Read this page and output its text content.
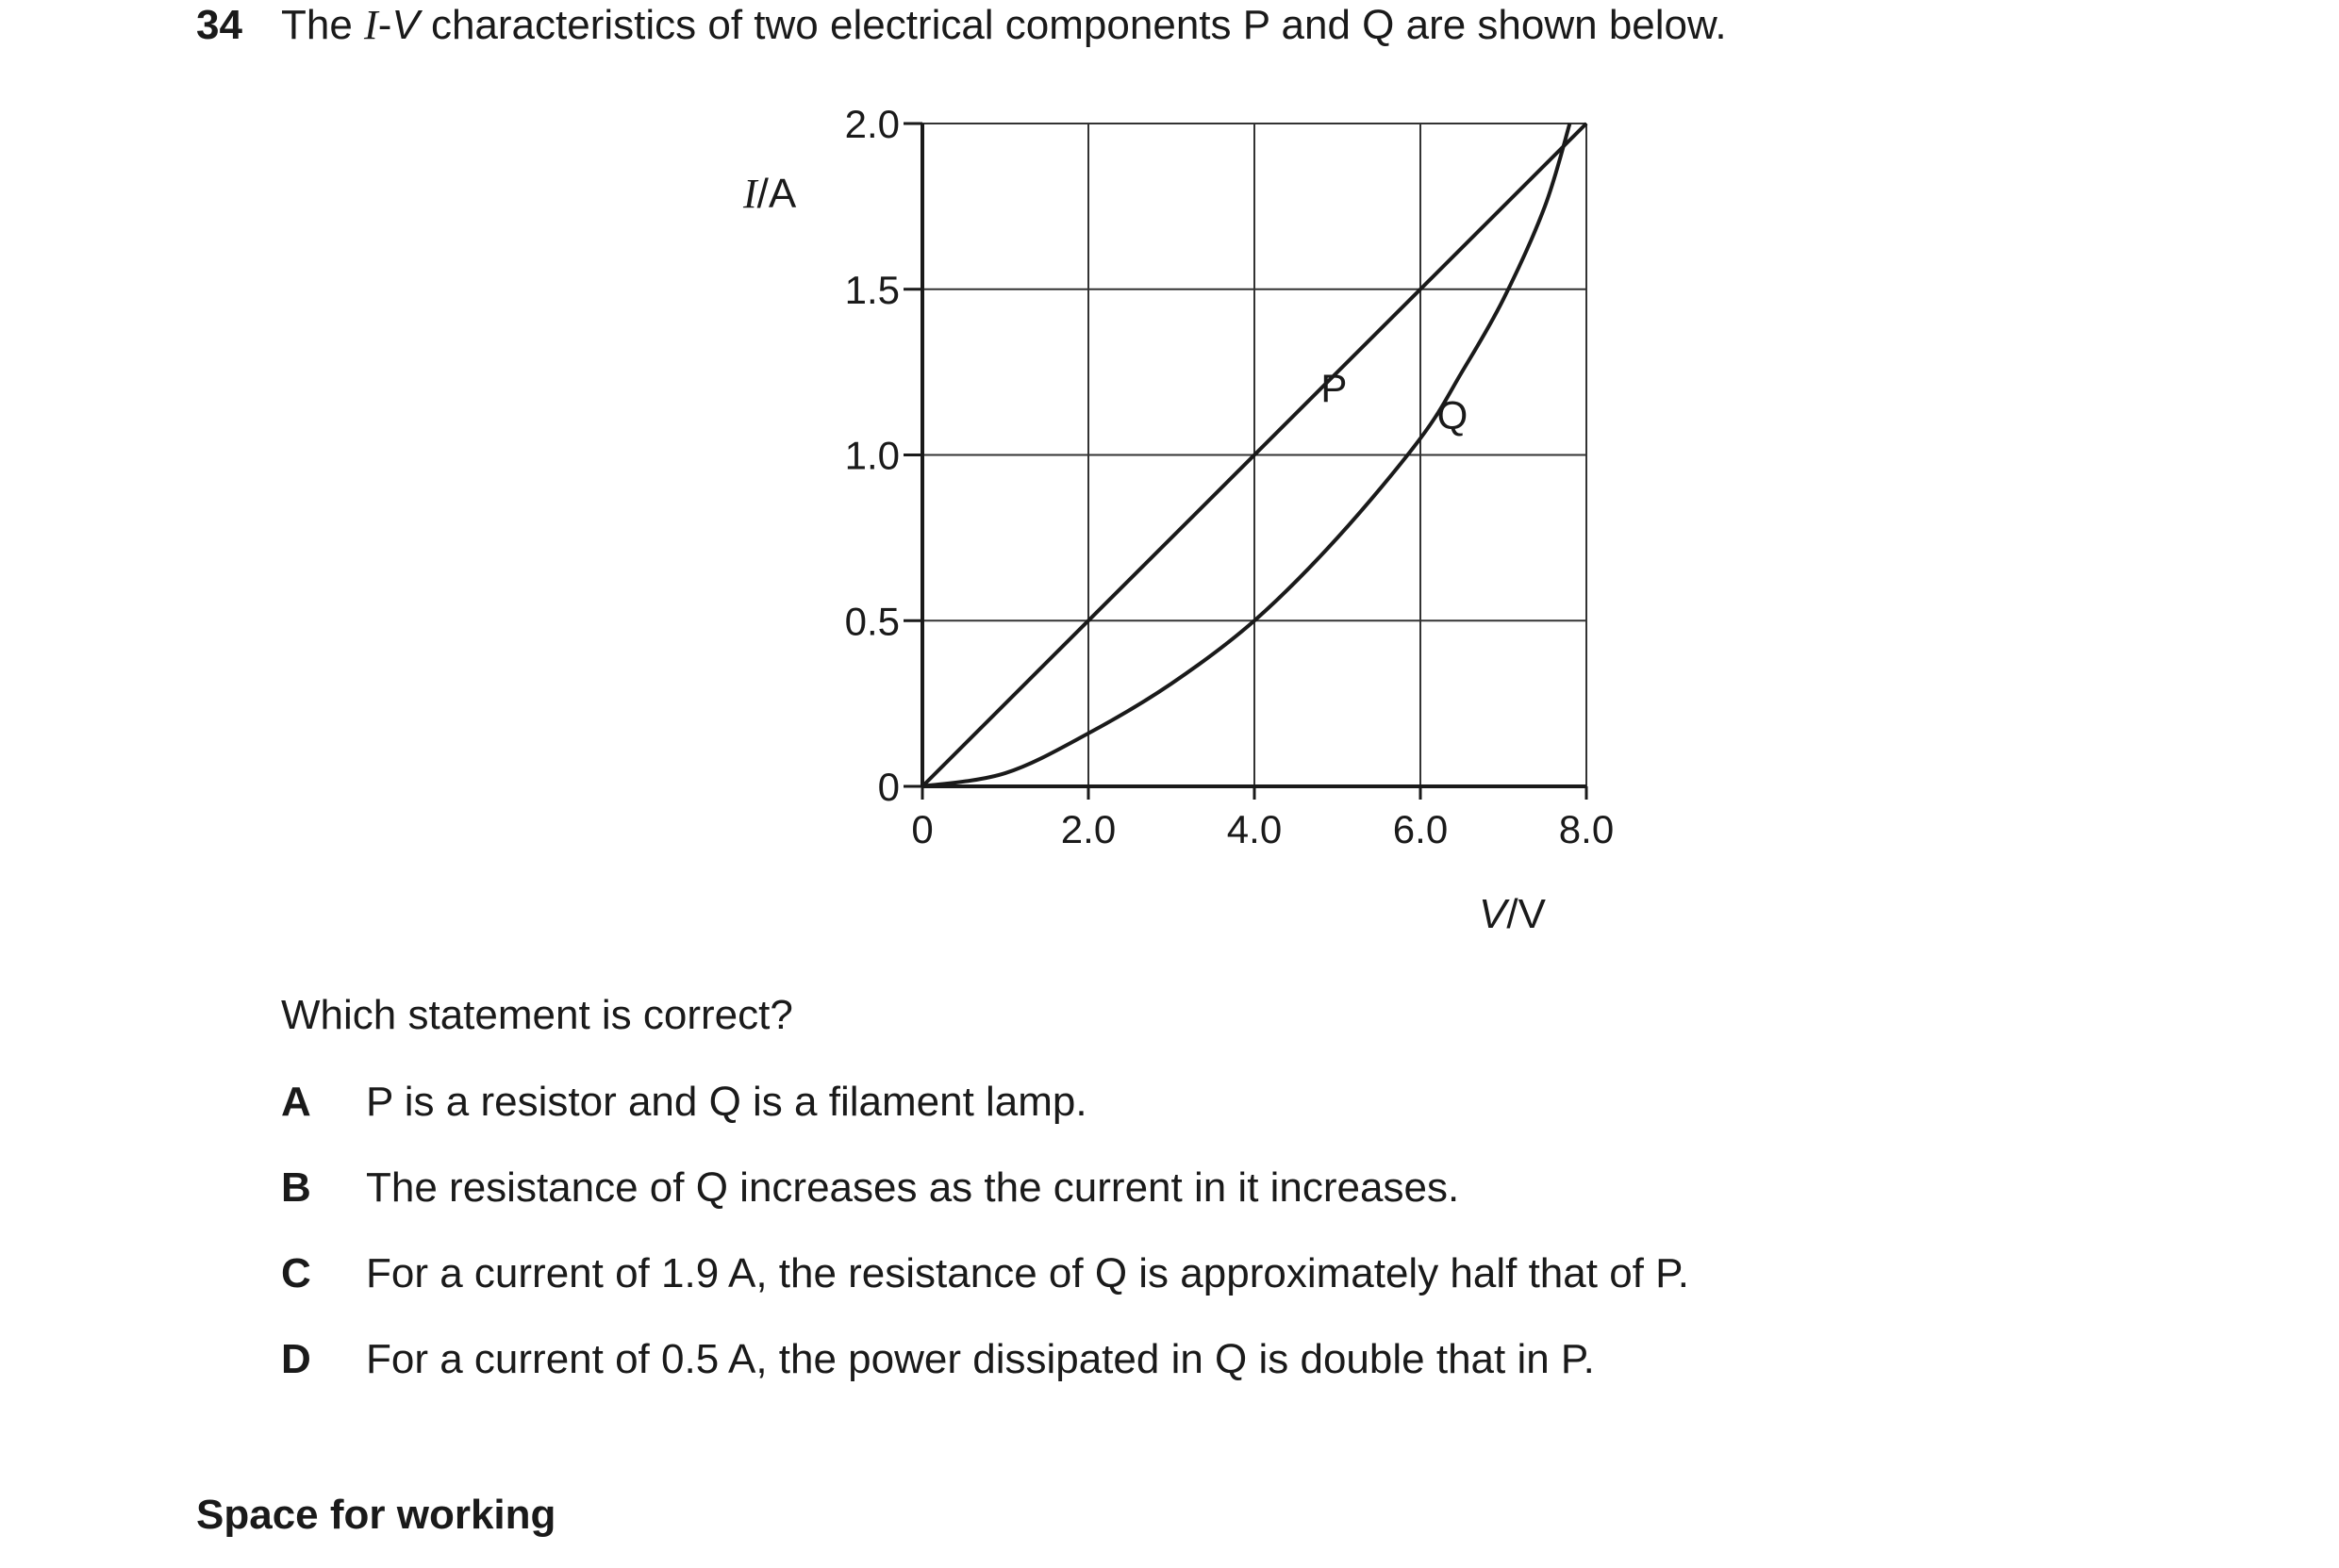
34 The I-V characteristics of two electrical components P and Q are shown below.
0	2.0	4.0	6.0	8.0
0
0.5
1.0
1.5
2.0
P
Q
I/A
V/V
Which statement is correct?
A P is a resistor and Q is a filament lamp.
B The resistance of Q increases as the current in it increases.
C For a current of 1.9 A, the resistance of Q is approximately half that of P.
D For a current of 0.5 A, the power dissipated in Q is double that in P.
Space for working
